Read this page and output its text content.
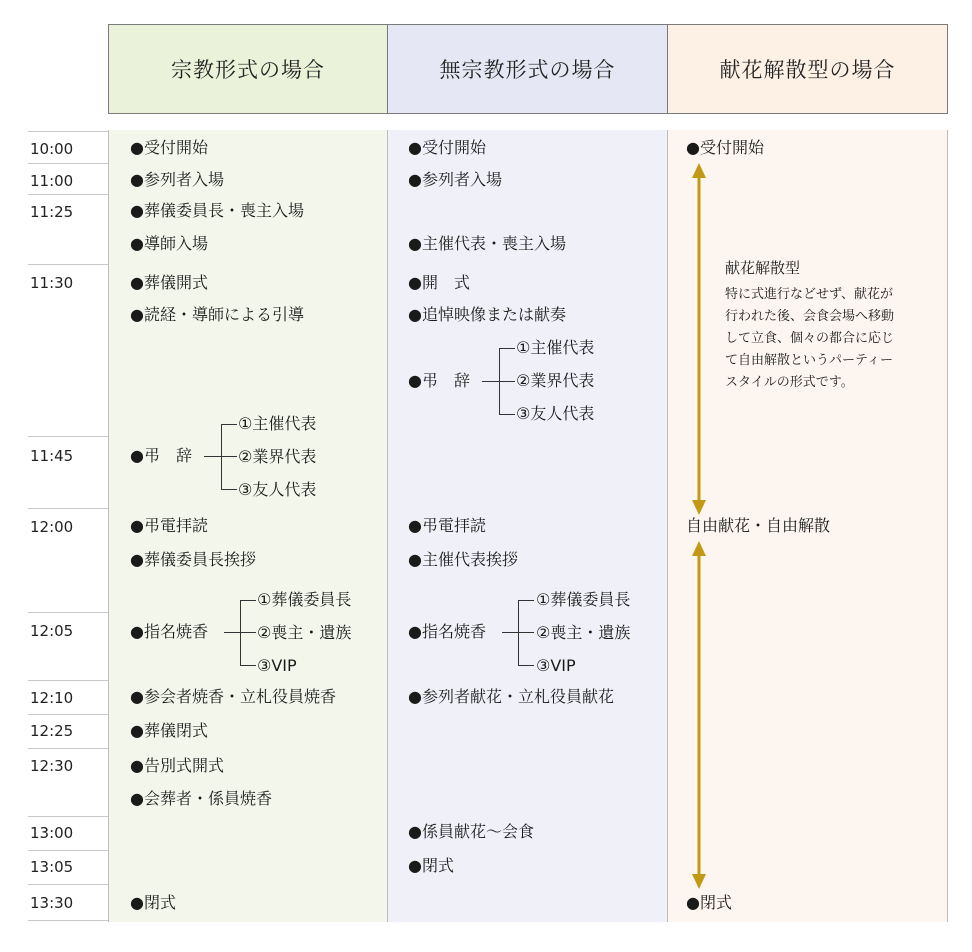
宗教形式の場合	無宗教形式の場合	献花解散型の場合
10:00
11:00
11:25
11:30
11:45
12:00
12:05
12:10
12:25
12:30
13:00
13:05
13:30
●受付開始
●参列者入場
●葬儀委員長・喪主入場
●導師入場
●葬儀開式
●読経・導師による引導
●弔　辞
①主催代表
②業界代表
③友人代表
●弔電拝読
●葬儀委員長挨拶
●指名焼香
①葬儀委員長
②喪主・遺族
③VIP
●参会者焼香・立札役員焼香
●葬儀閉式
●告別式開式
●会葬者・係員焼香
●閉式
●受付開始
●参列者入場
●主催代表・喪主入場
●開　式
●追悼映像または献奏
●弔　辞
①主催代表
②業界代表
③友人代表
●弔電拝読
●主催代表挨拶
●指名焼香
①葬儀委員長
②喪主・遺族
③VIP
●参列者献花・立札役員献花
●係員献花～会食
●閉式
●受付開始
献花解散型
特に式進行などせず、献花が
行われた後、会食会場へ移動
して立食、個々の都合に応じ
て自由解散というパーティー
スタイルの形式です。
自由献花・自由解散
●閉式
